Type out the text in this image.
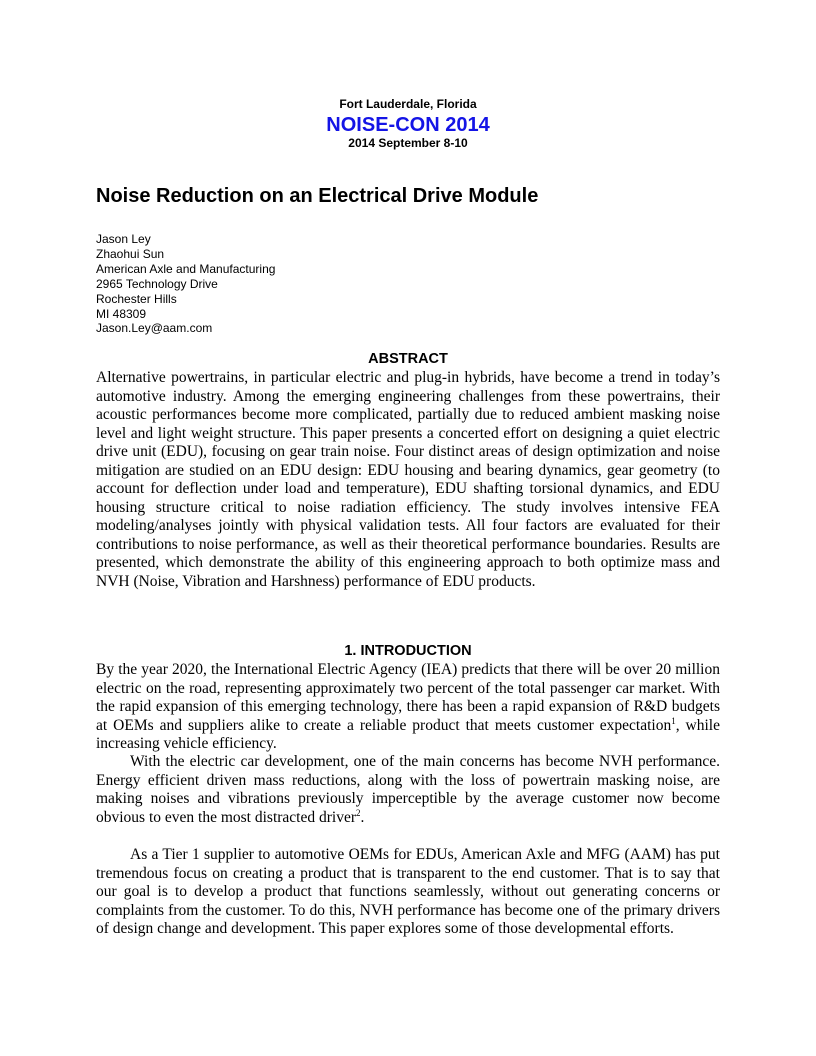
Fort Lauderdale, Florida
NOISE-CON 2014
2014 September 8-10
Noise Reduction on an Electrical Drive Module
Jason Ley
Zhaohui Sun
American Axle and Manufacturing
2965 Technology Drive
Rochester Hills
MI 48309
Jason.Ley@aam.com
ABSTRACT

Alternative powertrains, in particular electric and plug-in hybrids, have become a trend in today’s automotive industry. Among the emerging engineering challenges from these powertrains, their acoustic performances become more complicated, partially due to reduced ambient masking noise level and light weight structure. This paper presents a concerted effort on designing a quiet electric drive unit (EDU), focusing on gear train noise. Four distinct areas of design optimization and noise mitigation are studied on an EDU design: EDU housing and bearing dynamics, gear geometry (to account for deflection under load and temperature), EDU shafting torsional dynamics, and EDU housing structure critical to noise radiation efficiency. The study involves intensive FEA modeling/analyses jointly with physical validation tests. All four factors are evaluated for their contributions to noise performance, as well as their theoretical performance boundaries. Results are presented, which demonstrate the ability of this engineering approach to both optimize mass and NVH (Noise, Vibration and Harshness) performance of EDU products.

1. INTRODUCTION

By the year 2020, the International Electric Agency (IEA) predicts that there will be over 20 million electric on the road, representing approximately two percent of the total passenger car market. With the rapid expansion of this emerging technology, there has been a rapid expansion of R&D budgets at OEMs and suppliers alike to create a reliable product that meets customer expectation$^1$, while increasing vehicle efficiency.

With the electric car development, one of the main concerns has become NVH performance. Energy efficient driven mass reductions, along with the loss of powertrain masking noise, are making noises and vibrations previously imperceptible by the average customer now become obvious to even the most distracted driver$^2$.

As a Tier 1 supplier to automotive OEMs for EDUs, American Axle and MFG (AAM) has put tremendous focus on creating a product that is transparent to the end customer. That is to say that our goal is to develop a product that functions seamlessly, without out generating concerns or complaints from the customer. To do this, NVH performance has become one of the primary drivers of design change and development. This paper explores some of those developmental efforts.
